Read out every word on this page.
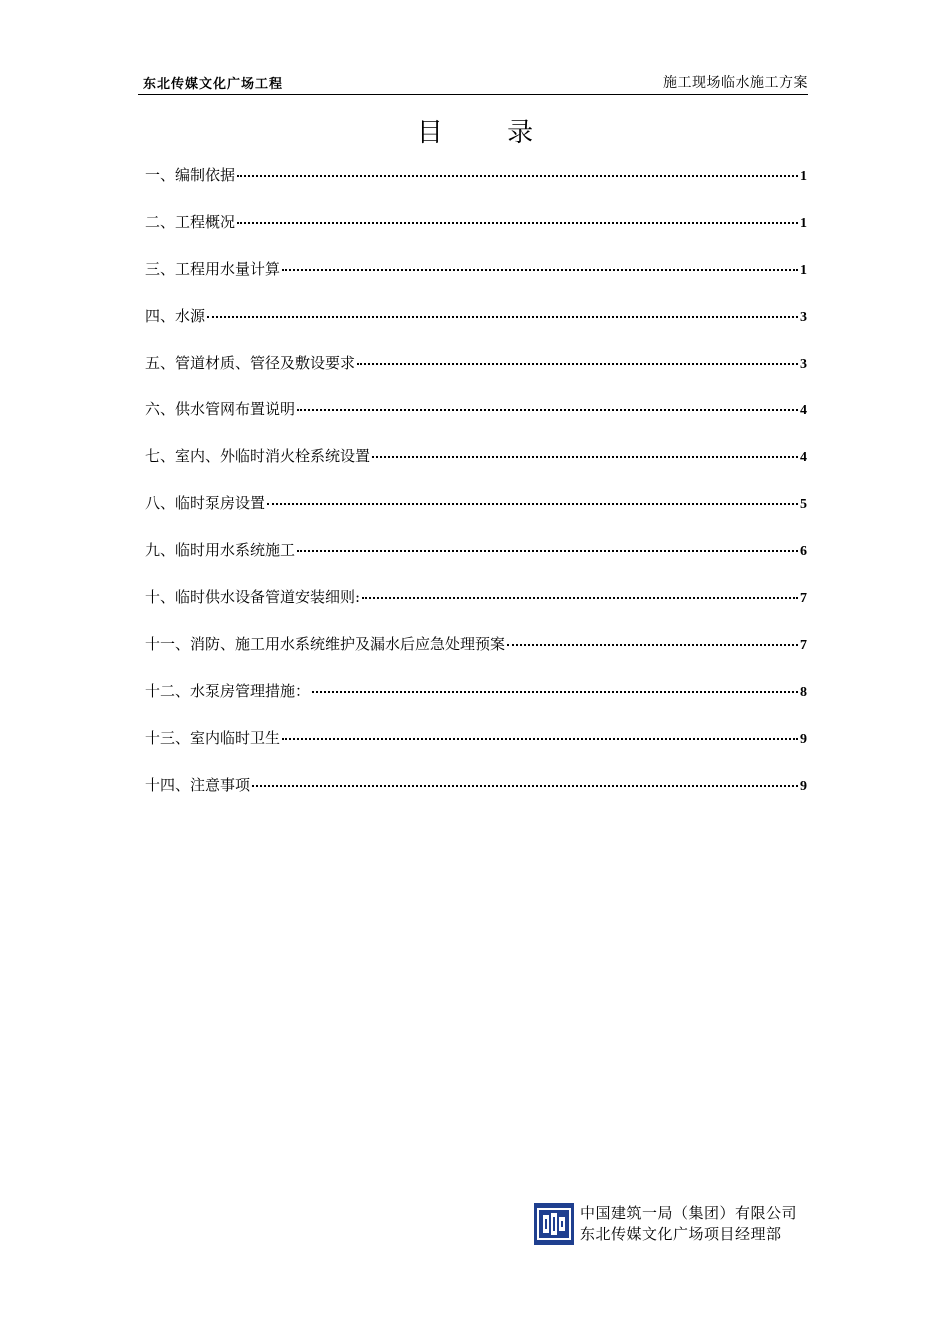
东北传媒文化广场工程	施工现场临水施工方案
目 录
一、编制依据	1
二、工程概况	1
三、工程用水量计算	1
四、水源	3
五、管道材质、管径及敷设要求	3
六、供水管网布置说明	4
七、室内、外临时消火栓系统设置	4
八、临时泵房设置	5
九、临时用水系统施工	6
十、临时供水设备管道安装细则:	7
十一、消防、施工用水系统维护及漏水后应急处理预案	7
十二、水泵房管理措施：	8
十三、室内临时卫生	9
十四、注意事项	9
中国建筑一局（集团）有限公司
东北传媒文化广场项目经理部
